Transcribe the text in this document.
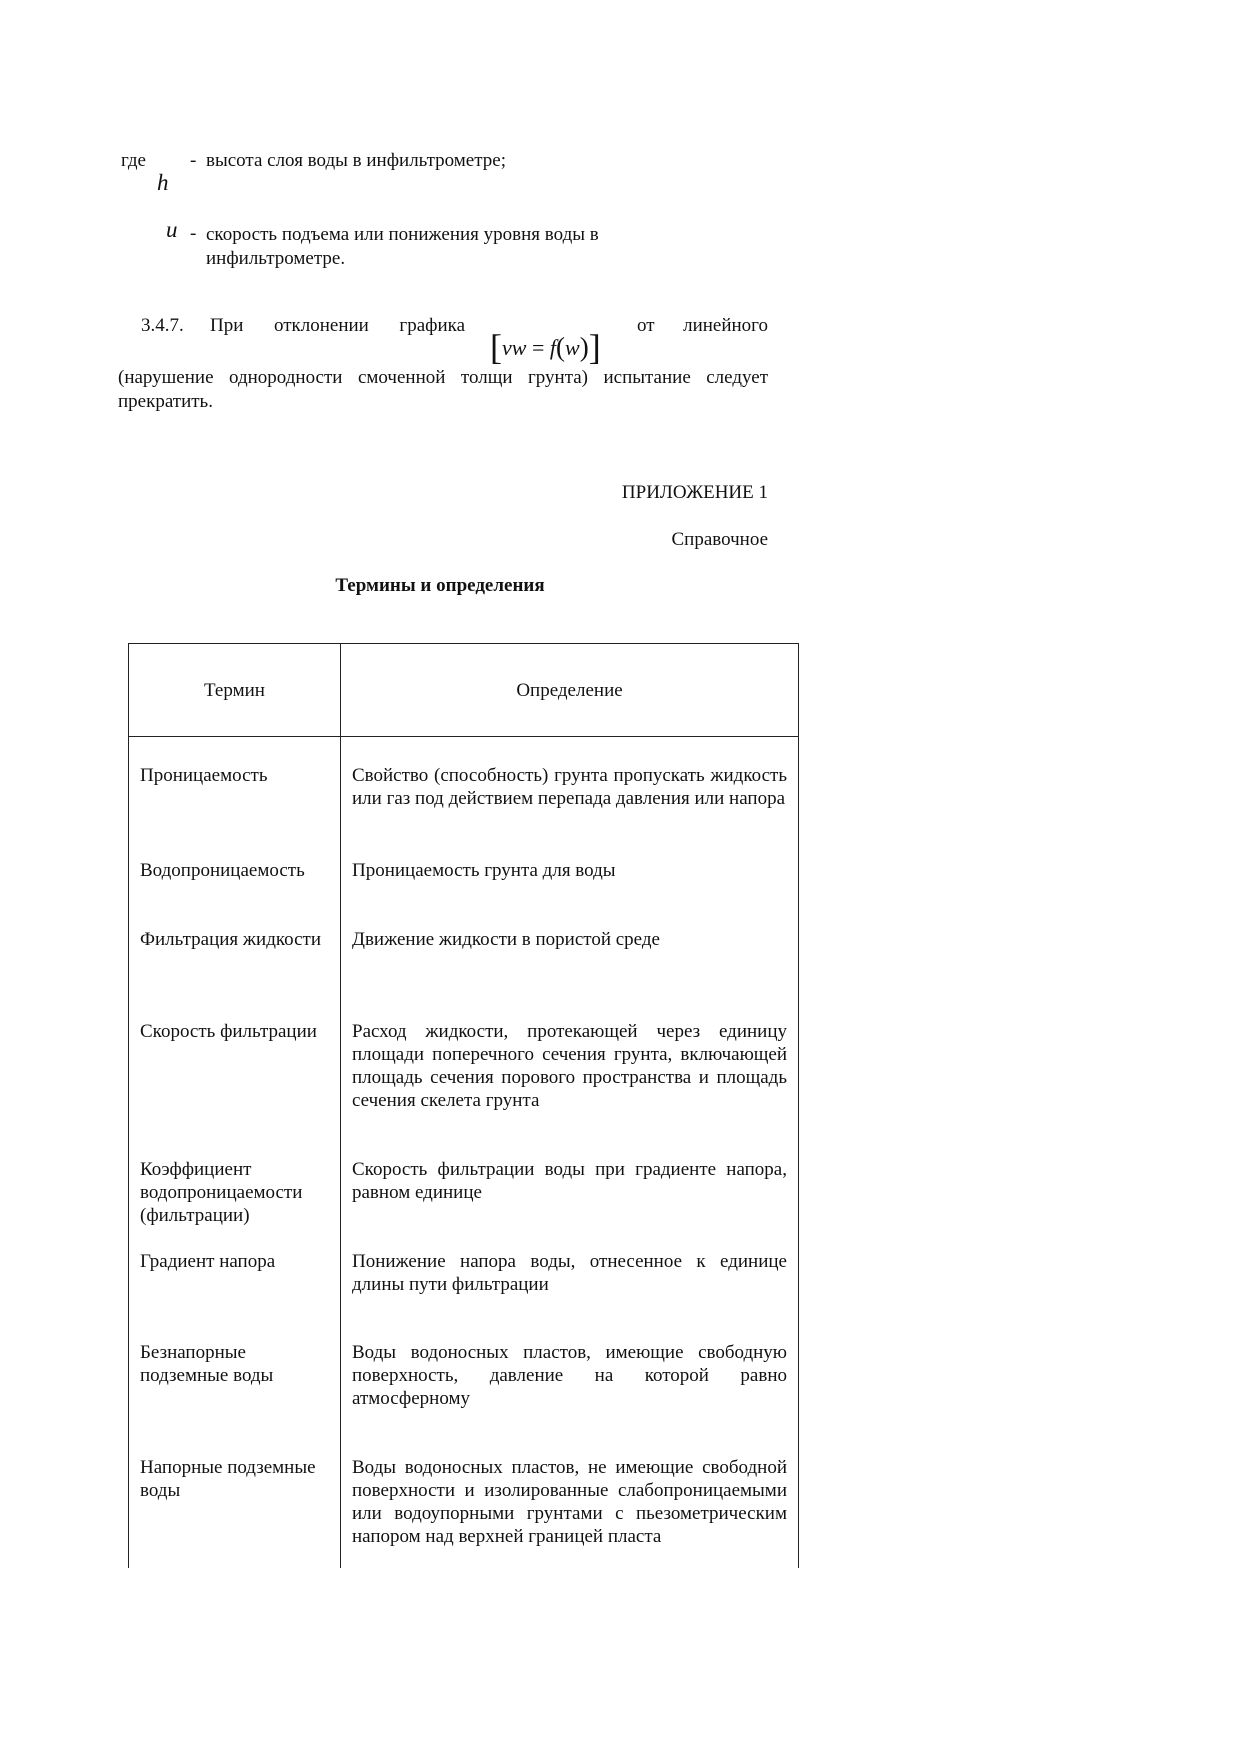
где
h
- высота слоя воды в инфильтрометре;
u - скорость подъема или понижения уровня воды в инфильтрометре.
3.4.7. При отклонении графика
[vw = f(w)]
от линейного
(нарушение однородности смоченной толщи грунта) испытание следует прекратить.
ПРИЛОЖЕНИЕ 1
Справочное
Термины и определения
Термин	Определение
Проницаемость	Свойство (способность) грунта пропускать жидкость или газ под действием перепада давления или напора
Водопроницаемость	Проницаемость грунта для воды
Фильтрация жидкости	Движение жидкости в пористой среде
Скорость фильтрации	Расход жидкости, протекающей через единицу площади поперечного сечения грунта, включающей площадь сечения порового пространства и площадь сечения скелета грунта
Коэффициент водопроницаемости (фильтрации)	Скорость фильтрации воды при градиенте напора, равном единице
Градиент напора	Понижение напора воды, отнесенное к единице длины пути фильтрации
Безнапорные подземные воды	Воды водоносных пластов, имеющие свободную поверхность, давление на которой равно атмосферному
Напорные подземные воды	Воды водоносных пластов, не имеющие свободной поверхности и изолированные слабопроницаемыми или водоупорными грунтами с пьезометрическим напором над верхней границей пласта
